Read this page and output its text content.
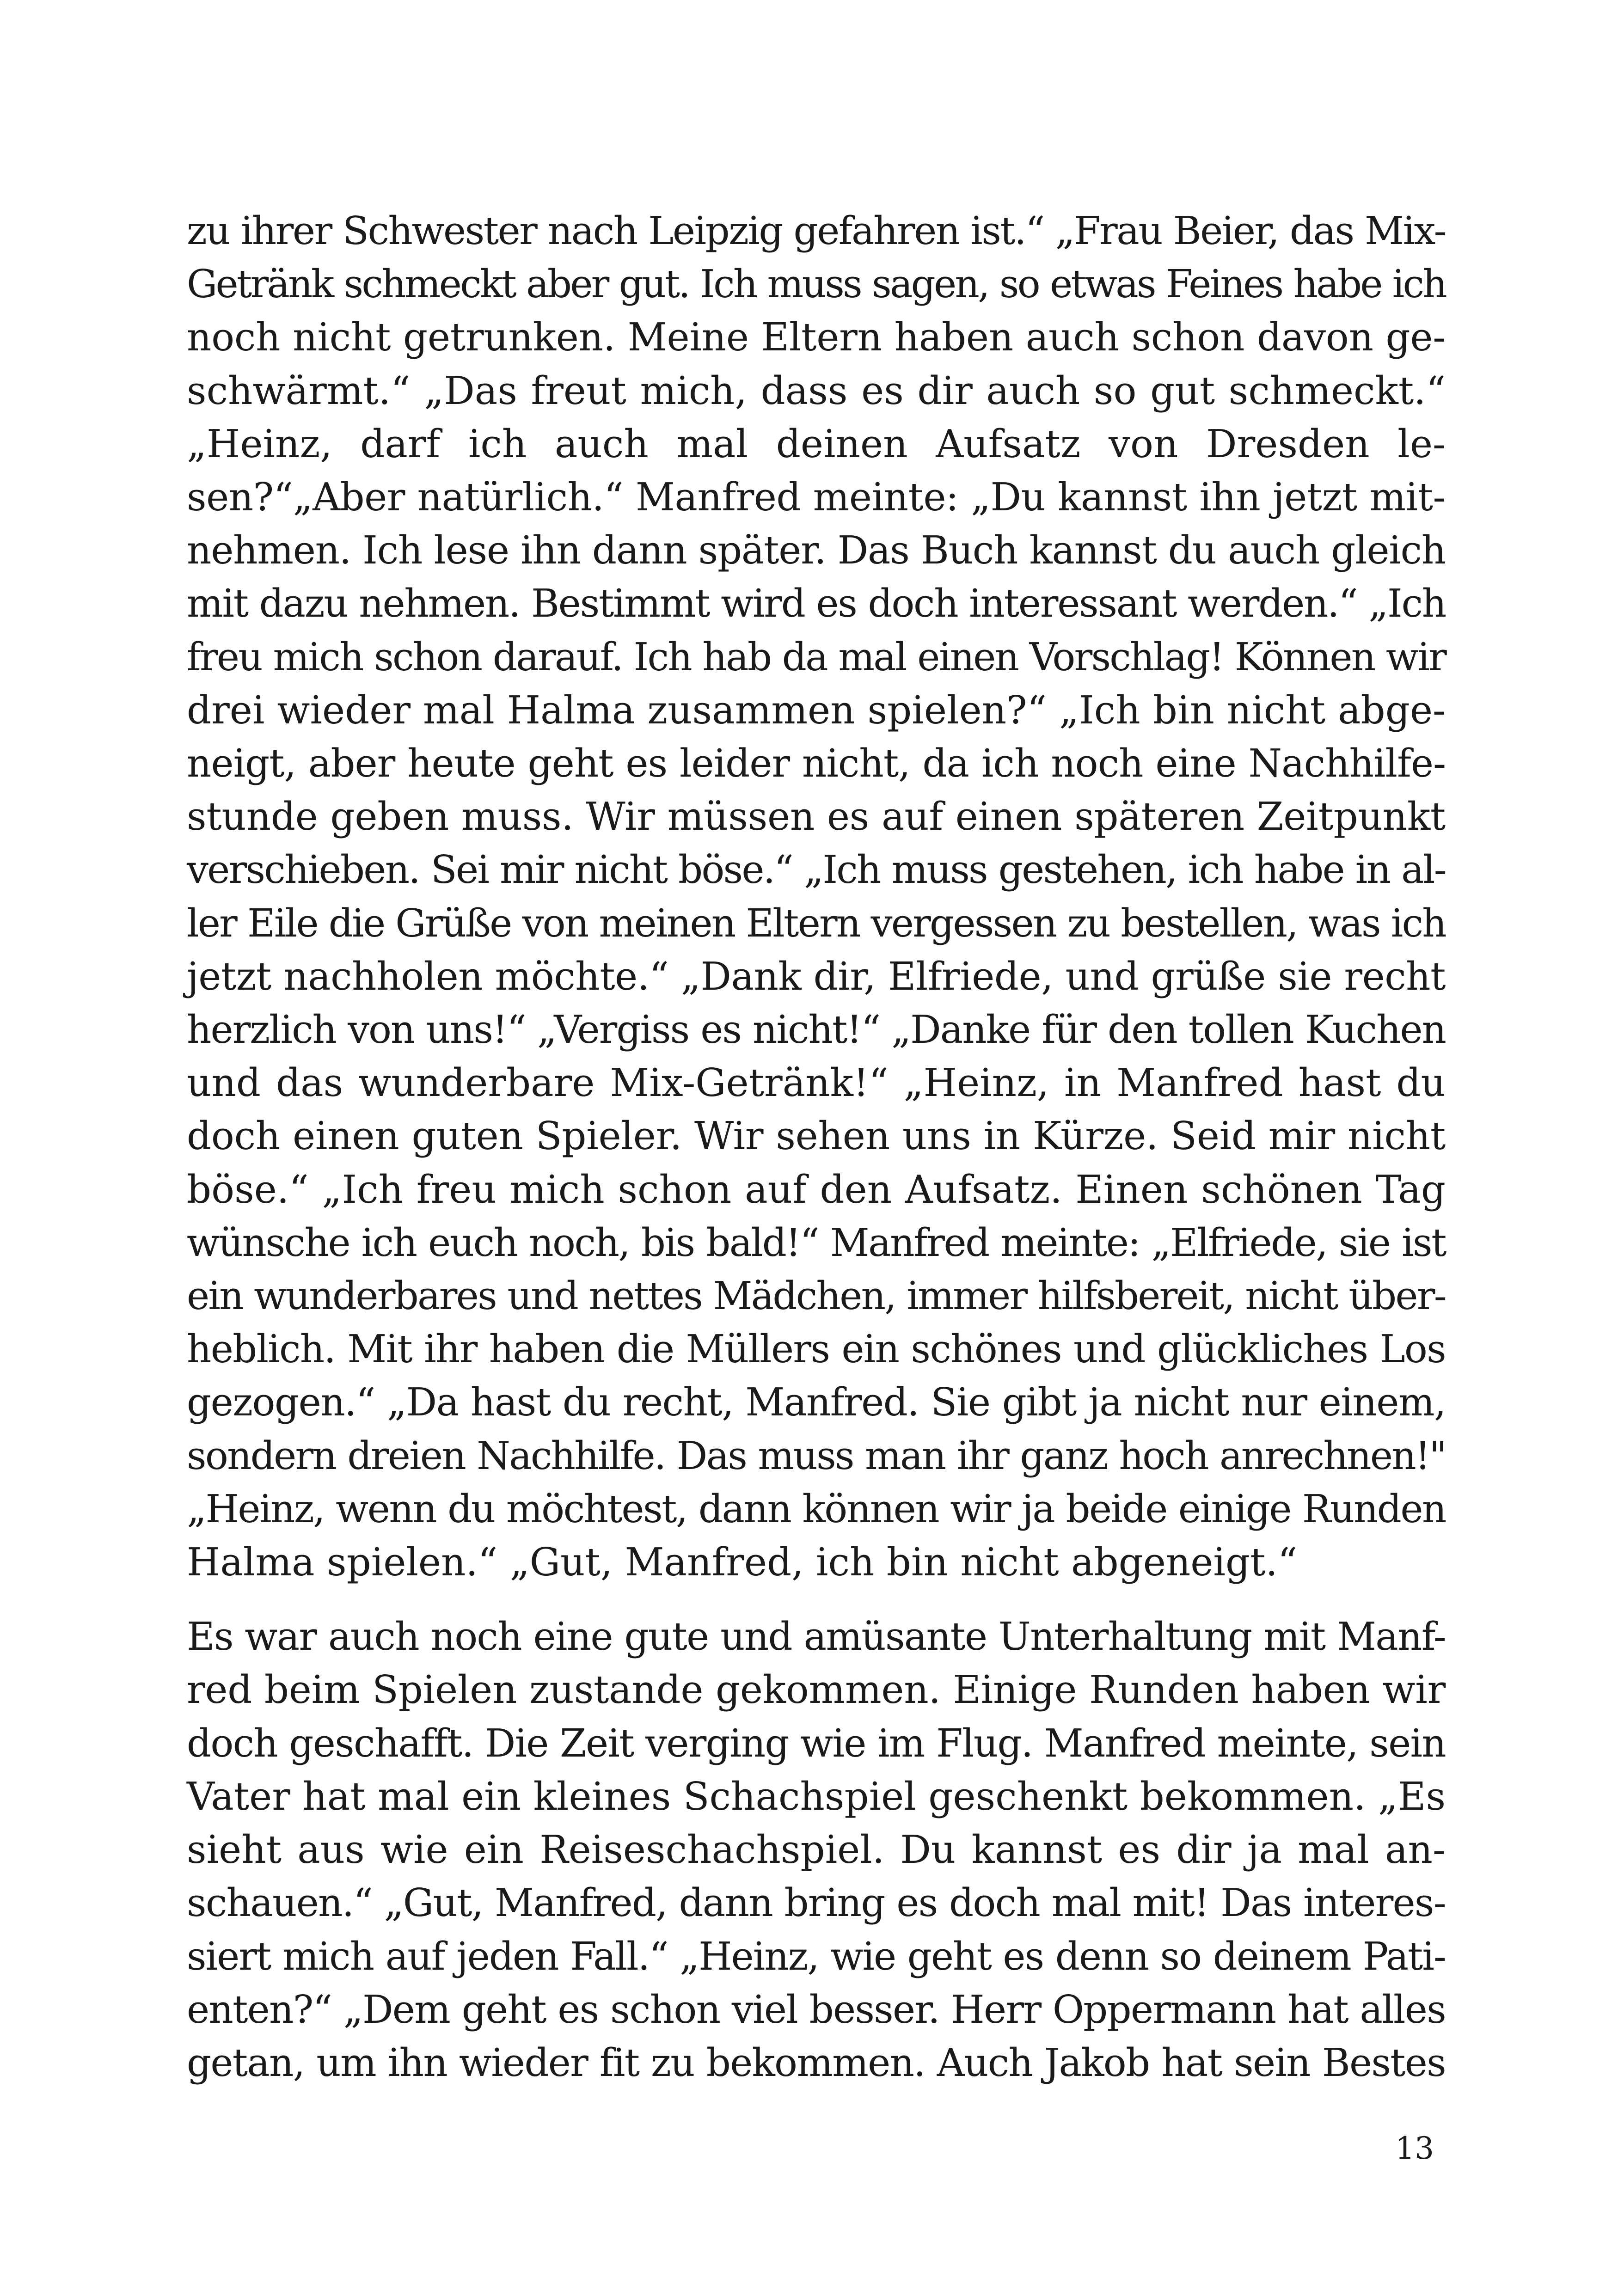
zu ihrer Schwester nach Leipzig gefahren ist.“ „Frau Beier, das Mix-
Getränk schmeckt aber gut. Ich muss sagen, so etwas Feines habe ich
noch nicht getrunken. Meine Eltern haben auch schon davon ge-
schwärmt.“ „Das freut mich, dass es dir auch so gut schmeckt.“
„Heinz, darf ich auch mal deinen Aufsatz von Dresden le-
sen?“„Aber natürlich.“ Manfred meinte: „Du kannst ihn jetzt mit-
nehmen. Ich lese ihn dann später. Das Buch kannst du auch gleich
mit dazu nehmen. Bestimmt wird es doch interessant werden.“ „Ich
freu mich schon darauf. Ich hab da mal einen Vorschlag! Können wir
drei wieder mal Halma zusammen spielen?“ „Ich bin nicht abge-
neigt, aber heute geht es leider nicht, da ich noch eine Nachhilfe-
stunde geben muss. Wir müssen es auf einen späteren Zeitpunkt
verschieben. Sei mir nicht böse.“ „Ich muss gestehen, ich habe in al-
ler Eile die Grüße von meinen Eltern vergessen zu bestellen, was ich
jetzt nachholen möchte.“ „Dank dir, Elfriede, und grüße sie recht
herzlich von uns!“ „Vergiss es nicht!“ „Danke für den tollen Kuchen
und das wunderbare Mix-Getränk!“ „Heinz, in Manfred hast du
doch einen guten Spieler. Wir sehen uns in Kürze. Seid mir nicht
böse.“ „Ich freu mich schon auf den Aufsatz. Einen schönen Tag
wünsche ich euch noch, bis bald!“ Manfred meinte: „Elfriede, sie ist
ein wunderbares und nettes Mädchen, immer hilfsbereit, nicht über-
heblich. Mit ihr haben die Müllers ein schönes und glückliches Los
gezogen.“ „Da hast du recht, Manfred. Sie gibt ja nicht nur einem,
sondern dreien Nachhilfe. Das muss man ihr ganz hoch anrechnen!"
„Heinz, wenn du möchtest, dann können wir ja beide einige Runden
Halma spielen.“ „Gut, Manfred, ich bin nicht abgeneigt.“
Es war auch noch eine gute und amüsante Unterhaltung mit Manf-
red beim Spielen zustande gekommen. Einige Runden haben wir
doch geschafft. Die Zeit verging wie im Flug. Manfred meinte, sein
Vater hat mal ein kleines Schachspiel geschenkt bekommen. „Es
sieht aus wie ein Reiseschachspiel. Du kannst es dir ja mal an-
schauen.“ „Gut, Manfred, dann bring es doch mal mit! Das interes-
siert mich auf jeden Fall.“ „Heinz, wie geht es denn so deinem Pati-
enten?“ „Dem geht es schon viel besser. Herr Oppermann hat alles
getan, um ihn wieder fit zu bekommen. Auch Jakob hat sein Bestes
13
